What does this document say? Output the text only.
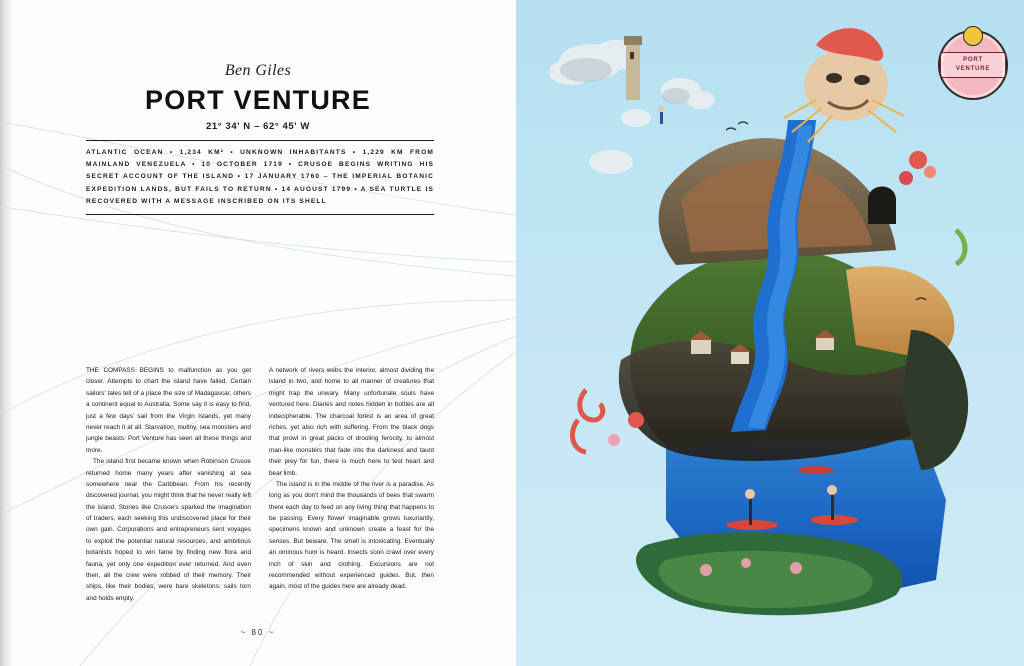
Ben Giles
PORT VENTURE
21° 34' N – 62° 45' W
ATLANTIC OCEAN • 1,234 KM² • UNKNOWN INHABITANTS • 1,229 KM FROM MAINLAND VENEZUELA • 10 OCTOBER 1719 • CRUSOE BEGINS WRITING HIS SECRET ACCOUNT OF THE ISLAND • 17 JANUARY 1760 – THE IMPERIAL BOTANIC EXPEDITION LANDS, BUT FAILS TO RETURN • 14 AUGUST 1799 • A SEA TURTLE IS RECOVERED WITH A MESSAGE INSCRIBED ON ITS SHELL

THE COMPASS BEGINS to malfunction as you get closer. Attempts to chart the island have failed. Certain sailors' tales tell of a place the size of Madagascar, others a continent equal to Australia. Some say it is easy to find, just a few days' sail from the Virgin Islands, yet many never reach it at all. Starvation, mutiny, sea monsters and jungle beasts: Port Venture has seen all these things and more.

The island first became known when Robinson Crusoe returned home many years after vanishing at sea somewhere near the Caribbean. From his recently discovered journal, you might think that he never really left the island. Stories like Crusoe's sparked the imagination of traders, each seeking this undiscovered place for their own gain. Corporations and entrepreneurs sent voyages to exploit the potential natural resources, and ambitious botanists hoped to win fame by finding new flora and fauna, yet only one expedition ever returned. And even then, all the crew were robbed of their memory. Their ships, like their bodies, were bare skeletons: sails torn and holds empty.

A network of rivers webs the interior, almost dividing the island in two, and home to all manner of creatures that might trap the unwary. Many unfortunate souls have ventured here. Diaries and notes hidden in bottles are all indecipherable. The charcoal forest is an area of great riches, yet also rich with suffering. From the black dogs that prowl in great packs of drooling ferocity, to almost man-like monsters that fade into the darkness and taunt their prey for fun, there is much here to test heart and bear limb.

The island is in the middle of the river is a paradise. As long as you don't mind the thousands of bees that swarm there each day to feed on any living thing that happens to be passing. Every flower imaginable grows luxuriantly, specimens known and unknown create a feast for the senses. But beware. The smell is intoxicating. Eventually an ominous hum is heard. Insects soon crawl over every inch of skin and clothing. Excursions are not recommended without experienced guides. But, then again, most of the guides here are already dead.

~ 80 ~
PORT VENTURE
